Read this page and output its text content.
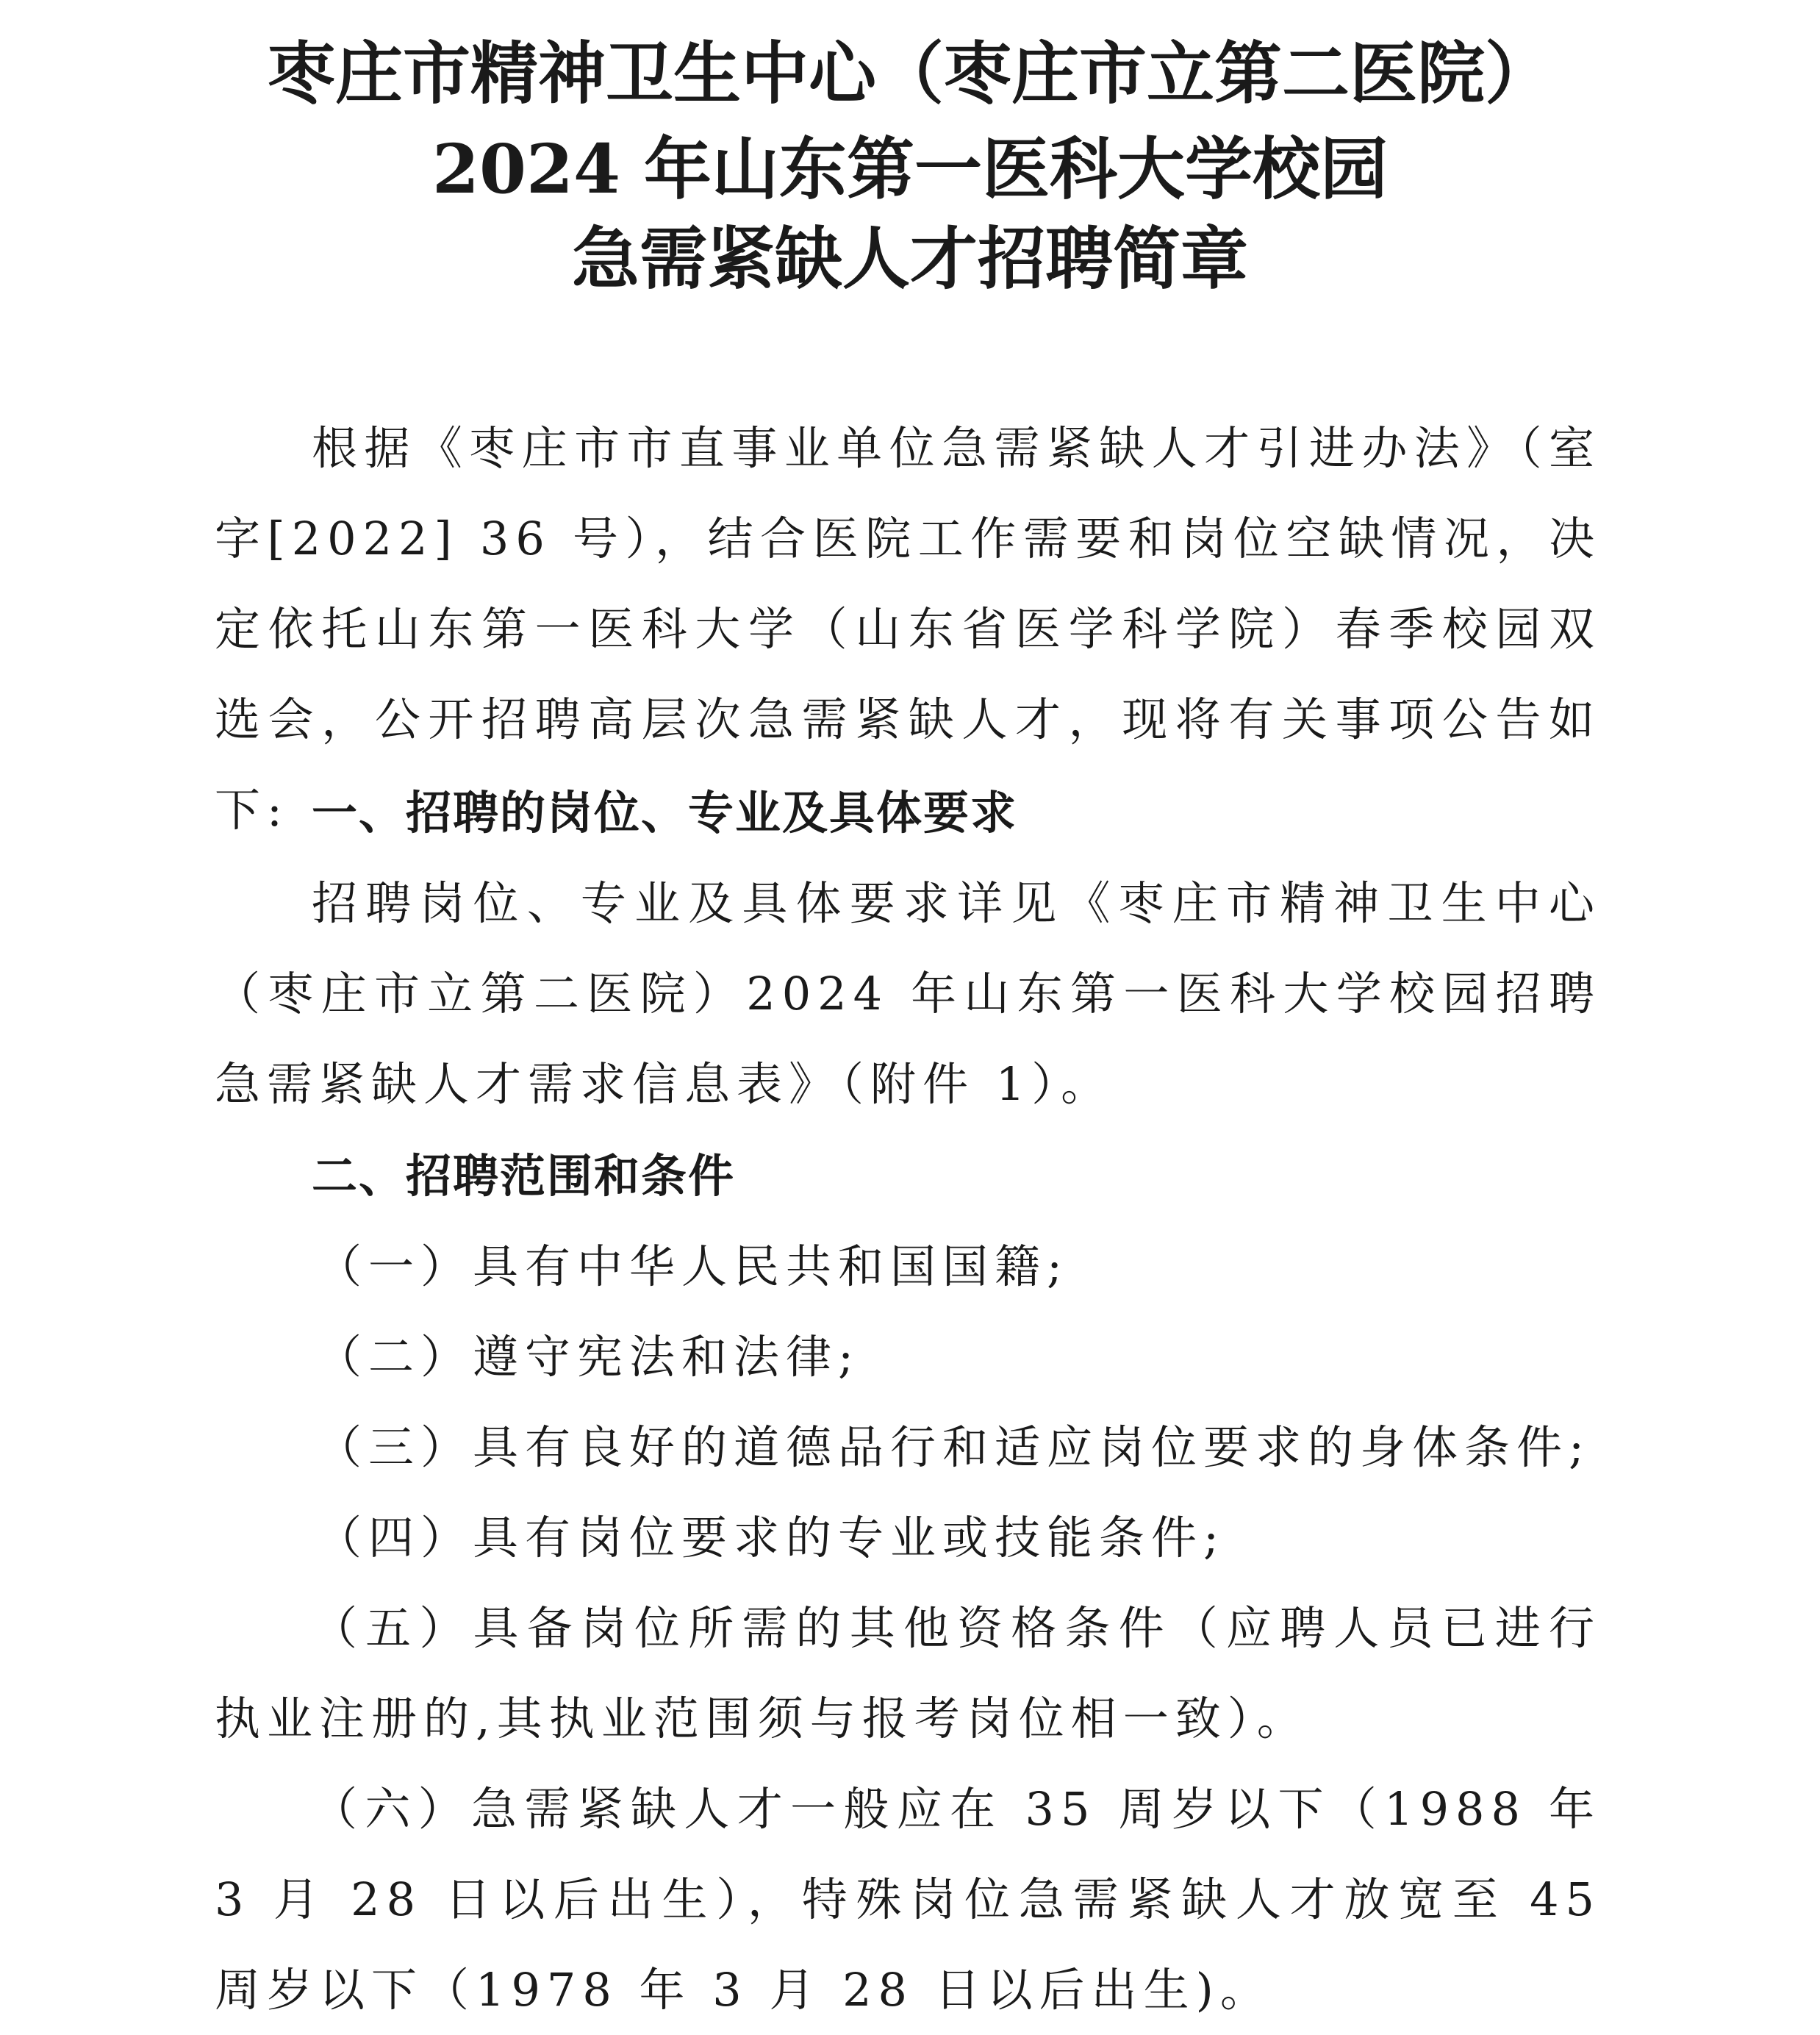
枣庄市精神卫生中心（枣庄市立第二医院）
2024 年山东第一医科大学校园
急需紧缺人才招聘简章

根据《枣庄市市直事业单位急需紧缺人才引进办法》（室字[2022] 36 号），结合医院工作需要和岗位空缺情况，决定依托山东第一医科大学（山东省医学科学院）春季校园双选会，公开招聘高层次急需紧缺人才，现将有关事项公告如下: 一、招聘的岗位、专业及具体要求

招聘岗位、专业及具体要求详见《枣庄市精神卫生中心（枣庄市立第二医院）2024 年山东第一医科大学校园招聘急需紧缺人才需求信息表》（附件 1）。

二、招聘范围和条件
（一）具有中华人民共和国国籍;
（二）遵守宪法和法律;
（三）具有良好的道德品行和适应岗位要求的身体条件;
（四）具有岗位要求的专业或技能条件;

（五）具备岗位所需的其他资格条件（应聘人员已进行执业注册的,其执业范围须与报考岗位相一致）。

（六）急需紧缺人才一般应在 35 周岁以下（1988 年 3 月 28 日以后出生），特殊岗位急需紧缺人才放宽至 45 周岁以下（1978 年 3 月 28 日以后出生)。
